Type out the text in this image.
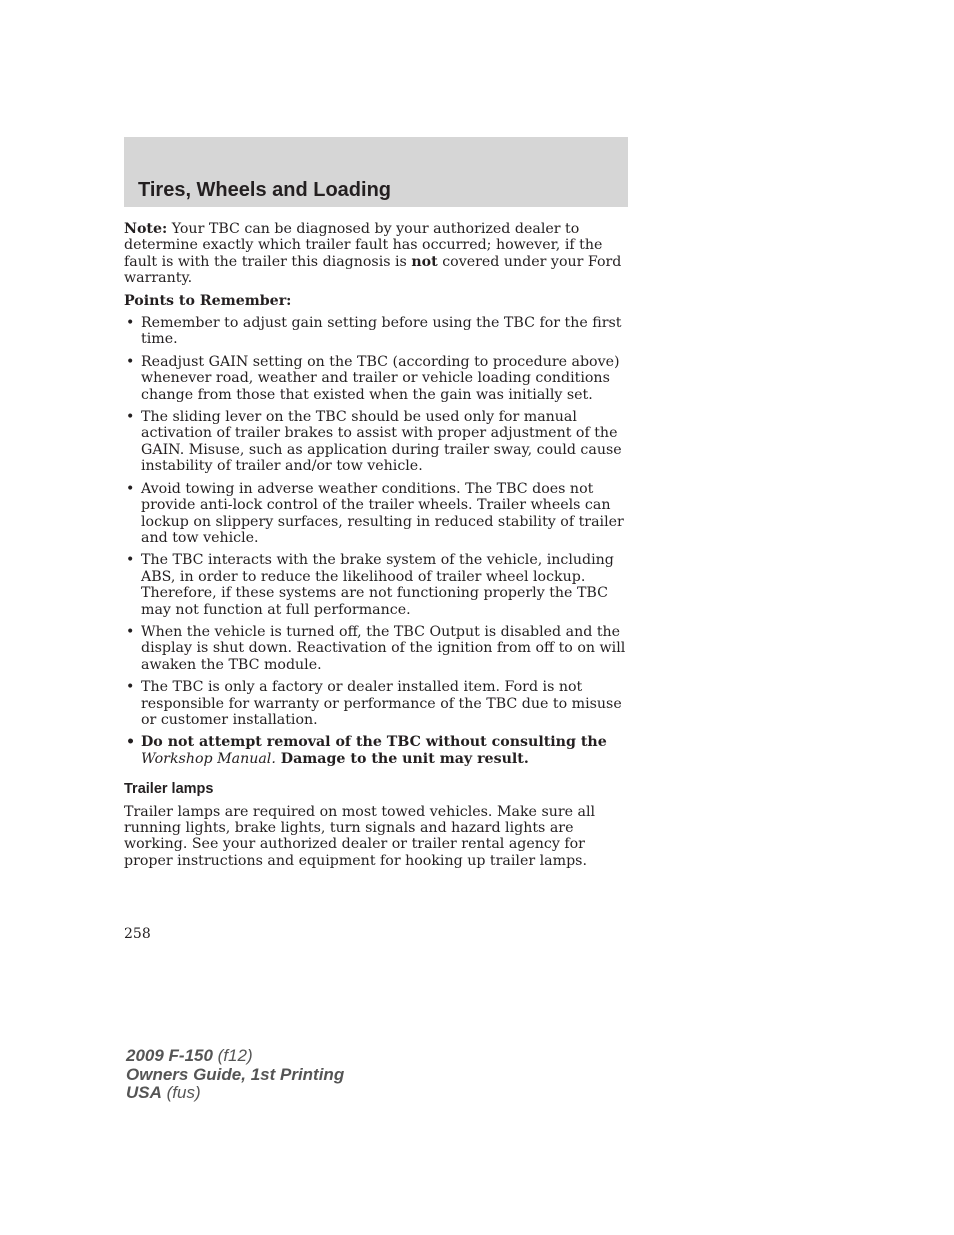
Tires, Wheels and Loading

Note: Your TBC can be diagnosed by your authorized dealer to determine exactly which trailer fault has occurred; however, if the fault is with the trailer this diagnosis is not covered under your Ford warranty.

Points to Remember:

• Remember to adjust gain setting before using the TBC for the first time.
• Readjust GAIN setting on the TBC (according to procedure above) whenever road, weather and trailer or vehicle loading conditions change from those that existed when the gain was initially set.
• The sliding lever on the TBC should be used only for manual activation of trailer brakes to assist with proper adjustment of the GAIN. Misuse, such as application during trailer sway, could cause instability of trailer and/or tow vehicle.
• Avoid towing in adverse weather conditions. The TBC does not provide anti-lock control of the trailer wheels. Trailer wheels can lockup on slippery surfaces, resulting in reduced stability of trailer and tow vehicle.
• The TBC interacts with the brake system of the vehicle, including ABS, in order to reduce the likelihood of trailer wheel lockup. Therefore, if these systems are not functioning properly the TBC may not function at full performance.
• When the vehicle is turned off, the TBC Output is disabled and the display is shut down. Reactivation of the ignition from off to on will awaken the TBC module.
• The TBC is only a factory or dealer installed item. Ford is not responsible for warranty or performance of the TBC due to misuse or customer installation.
• Do not attempt removal of the TBC without consulting the Workshop Manual. Damage to the unit may result.

Trailer lamps

Trailer lamps are required on most towed vehicles. Make sure all running lights, brake lights, turn signals and hazard lights are working. See your authorized dealer or trailer rental agency for proper instructions and equipment for hooking up trailer lamps.

258
2009 F-150 (f12)
Owners Guide, 1st Printing
USA (fus)
